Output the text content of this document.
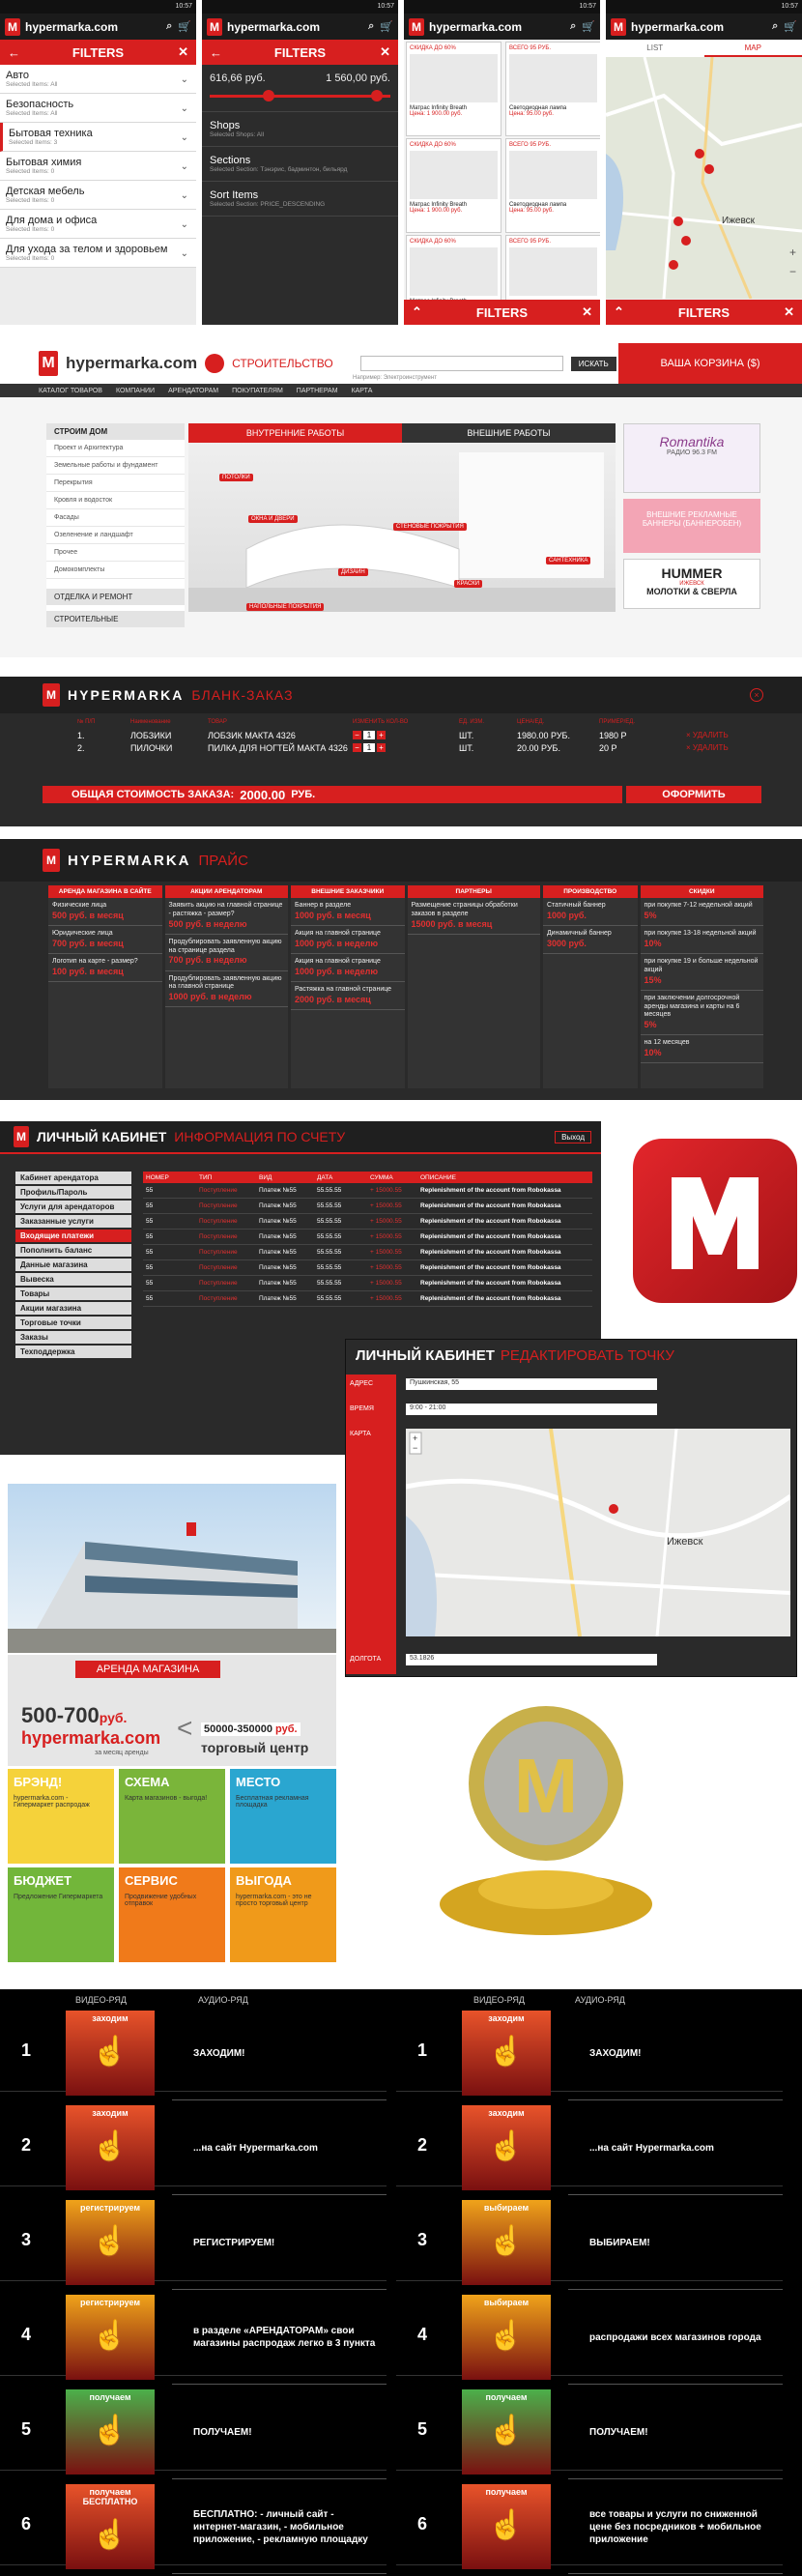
10:57
M hypermarka.com	⌕ 🛒
←	FILTERS	✕
Авто
Selected Items: All	⌄
Безопасность
Selected Items: All	⌄
Бытовая техника
Selected Items: 3	⌄
Бытовая химия
Selected Items: 0	⌄
Детская мебель
Selected Items: 0	⌄
Для дома и офиса
Selected Items: 0	⌄
Для ухода за телом и здоровьем
Selected Items: 0	⌄
10:57
M hypermarka.com	⌕ 🛒
←	FILTERS	✕
616,66 руб.	1 560,00 руб.
Shops
Selected Shops: All
Sections
Selected Section: Тэнэрис, бадминтон, бильярд
Sort Items
Selected Section: PRICE_DESCENDING
10:57
M hypermarka.com	⌕ 🛒
СКИДКА ДО 60%
Матрас Infinity Breath
Цена: 1 900.00 руб.
ВСЕГО 95 РУБ.
Светодиодная лампа
Цена: 95.00 руб.
СКИДКА ДО 60%
Матрас Infinity Breath
Цена: 1 900.00 руб.
ВСЕГО 95 РУБ.
Светодиодная лампа
Цена: 95.00 руб.
СКИДКА ДО 60%	ВСЕГО 95 РУБ.
⌃	FILTERS	✕
10:57
M hypermarka.com	⌕ 🛒
LIST	MAP
Ижевск
+
−
⌃	FILTERS	✕
M hypermarka.com	СТРОИТЕЛЬСТВО	ИСКАТЬ	ВАША КОРЗИНА ($)
Например: Электроинструмент
КАТАЛОГ ТОВАРОВ КОМПАНИИ АРЕНДАТОРАМ ПОКУПАТЕЛЯМ ПАРТНЕРАМ КАРТА
СТРОИМ ДОМ
Проект и Архитектура
Земельные работы и фундамент
Перекрытия
Кровля и водосток
Фасады
Озеленение и ландшафт
Прочее
Домокомплекты
ОТДЕЛКА И РЕМОНТ
СТРОИТЕЛЬНЫЕ
ВНУТРЕННИЕ РАБОТЫ	ВНЕШНИЕ РАБОТЫ
ПОТОЛКИ
ОКНА И ДВЕРИ
СТЕНОВЫЕ ПОКРЫТИЯ
ДИЗАЙН
САНТЕХНИКА
КРАСКИ
НАПОЛЬНЫЕ ПОКРЫТИЯ
Romantika
РАДИО 96.3 FM
ВНЕШНИЕ РЕКЛАМНЫЕ БАННЕРЫ (БАННЕРОБЕН)
HUMMER
ИЖЕВСК
МОЛОТКИ & СВЕРЛА
M HYPERMARKA БЛАНК-ЗАКАЗ	×
№ П/П	Наименование	ТОВАР	ИЗМЕНИТЬ КОЛ-ВО	ЕД. ИЗМ.	ЦЕНА/ЕД.	ПРИМЕР/ЕД.
1.	ЛОБЗИКИ	ЛОБЗИК МАКТА 4326	− 1 +	ШТ.	1980.00 РУБ.	1980 Р	× УДАЛИТЬ
2.	ПИЛОЧКИ	ПИЛКА ДЛЯ НОГТЕЙ МАКТА 4326 − 1 +	ШТ.	20.00 РУБ.	20 Р	× УДАЛИТЬ
ОБЩАЯ СТОИМОСТЬ ЗАКАЗА: 2000.00 РУБ.	ОФОРМИТЬ
M HYPERMARKA ПРАЙС
АРЕНДА МАГАЗИНА В САЙТЕ
Физические лица
500 руб. в месяц
Юридические лица
700 руб. в месяц
Логотип на карте - размер?
100 руб. в месяц
АКЦИИ АРЕНДАТОРАМ
Заявить акцию на главной странице - растяжка - размер?
500 руб. в неделю
Продублировать заявленную акцию на странице раздела
700 руб. в неделю
Продублировать заявленную акцию на главной странице
1000 руб. в неделю
ВНЕШНИЕ ЗАКАЗЧИКИ
Баннер в разделе
1000 руб. в месяц
Акция на главной странице
1000 руб. в неделю
Акция на главной странице
1000 руб. в неделю
Растяжка на главной странице
2000 руб. в месяц
ПАРТНЕРЫ
Размещение страницы обработки заказов в разделе
15000 руб. в месяц
ПРОИЗВОДСТВО
Статичный баннер
1000 руб.
Динамичный баннер
3000 руб.
СКИДКИ
при покупке 7-12 недельной акций
5%
при покупке 13-18 недельной акций
10%
при покупке 19 и больше недельной акций
15%
при заключении долгосрочной аренды магазина и карты на 6 месяцев
5%
на 12 месяцев
10%
M ЛИЧНЫЙ КАБИНЕТ ИНФОРМАЦИЯ ПО СЧЕТУ	Выход
Кабинет арендатора
Профиль/Пароль
Услуги для арендаторов
Заказанные услуги
Входящие платежи
Пополнить баланс
Данные магазина
Вывеска
Товары
Акции магазина
Торговые точки
Заказы
Техподдержка
НОМЕР	ТИП	ВИД	ДАТА	СУММА	ОПИСАНИЕ
55	Поступление	Платеж №55	55.55.55	+ 15000.55	Replenishment of the account from Robokassa
55	Поступление	Платеж №55	55.55.55	+ 15000.55	Replenishment of the account from Robokassa
55	Поступление	Платеж №55	55.55.55	+ 15000.55	Replenishment of the account from Robokassa
55	Поступление	Платеж №55	55.55.55	+ 15000.55	Replenishment of the account from Robokassa
55	Поступление	Платеж №55	55.55.55	+ 15000.55	Replenishment of the account from Robokassa
55	Поступление	Платеж №55	55.55.55	+ 15000.55	Replenishment of the account from Robokassa
55	Поступление	Платеж №55	55.55.55	+ 15000.55	Replenishment of the account from Robokassa
55	Поступление	Платеж №55	55.55.55	+ 15000.55	Replenishment of the account from Robokassa
ЛИЧНЫЙ КАБИНЕТ РЕДАКТИРОВАТЬ ТОЧКУ
АДРЕС	Пушкинская, 55
ВРЕМЯ	9:00 - 21:00
КАРТА
Ижевск
+
−
ДОЛГОТА	53.1826
АРЕНДА МАГАЗИНА
500-700руб.
hypermarka.com
за месяц аренды
< 50000-350000 руб.
торговый центр
БРЭНД!
hypermarka.com - Гипермаркет распродаж
СХЕМА
Карта магазинов - выгода!
МЕСТО
Бесплатная рекламная площадка
БЮДЖЕТ
Предложение Гипермаркета
СЕРВИС
Продвижение удобных отправок
ВЫГОДА
hypermarka.com - это не просто торговый центр
M
ВИДЕО-РЯД	АУДИО-РЯД	ВИДЕО-РЯД	АУДИО-РЯД
1
заходим
☝	ЗАХОДИМ!
2
заходим
☝	...на сайт Hypermarka.com
3
регистрируем
☝	РЕГИСТРИРУЕМ!
4
регистрируем
☝	в разделе «АРЕНДАТОРАМ» свои магазины распродаж легко в 3 пункта
5
получаем
☝	ПОЛУЧАЕМ!
6
получаем БЕСПЛАТНО
☝
БЕСПЛАТНО: - личный сайт - интернет-магазин, - мобильное приложение, - рекламную площадку
1
заходим
☝	ЗАХОДИМ!
2
заходим
☝	...на сайт Hypermarka.com
3
выбираем
☝	ВЫБИРАЕМ!
4
выбираем
☝	распродажи всех магазинов города
5
получаем
☝	ПОЛУЧАЕМ!
6
получаем
☝	все товары и услуги по сниженной цене без посредников + мобильное приложение
